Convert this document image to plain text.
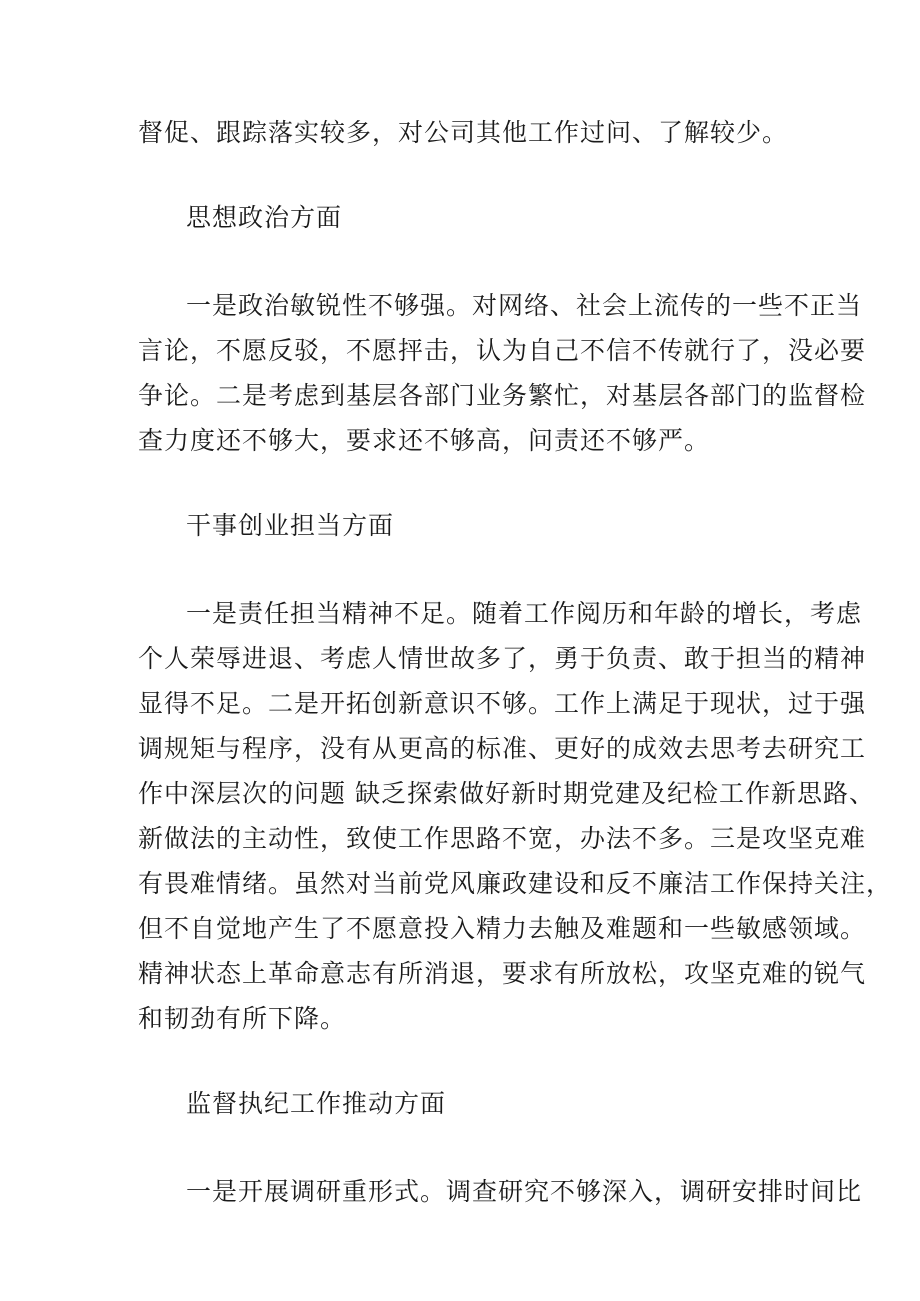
督促、跟踪落实较多，对公司其他工作过问、了解较少。
思想政治方面
一是政治敏锐性不够强。对网络、社会上流传的一些不正当
言论，不愿反驳，不愿抨击，认为自己不信不传就行了，没必要
争论。二是考虑到基层各部门业务繁忙，对基层各部门的监督检
查力度还不够大，要求还不够高，问责还不够严。
干事创业担当方面
一是责任担当精神不足。随着工作阅历和年龄的增长，考虑
个人荣辱进退、考虑人情世故多了，勇于负责、敢于担当的精神
显得不足。二是开拓创新意识不够。工作上满足于现状，过于强
调规矩与程序，没有从更高的标准、更好的成效去思考去研究工
作中深层次的问题 缺乏探索做好新时期党建及纪检工作新思路、
新做法的主动性，致使工作思路不宽，办法不多。三是攻坚克难
有畏难情绪。虽然对当前党风廉政建设和反不廉洁工作保持关注，
但不自觉地产生了不愿意投入精力去触及难题和一些敏感领域。
精神状态上革命意志有所消退，要求有所放松，攻坚克难的锐气
和韧劲有所下降。
监督执纪工作推动方面
一是开展调研重形式。调查研究不够深入，调研安排时间比
